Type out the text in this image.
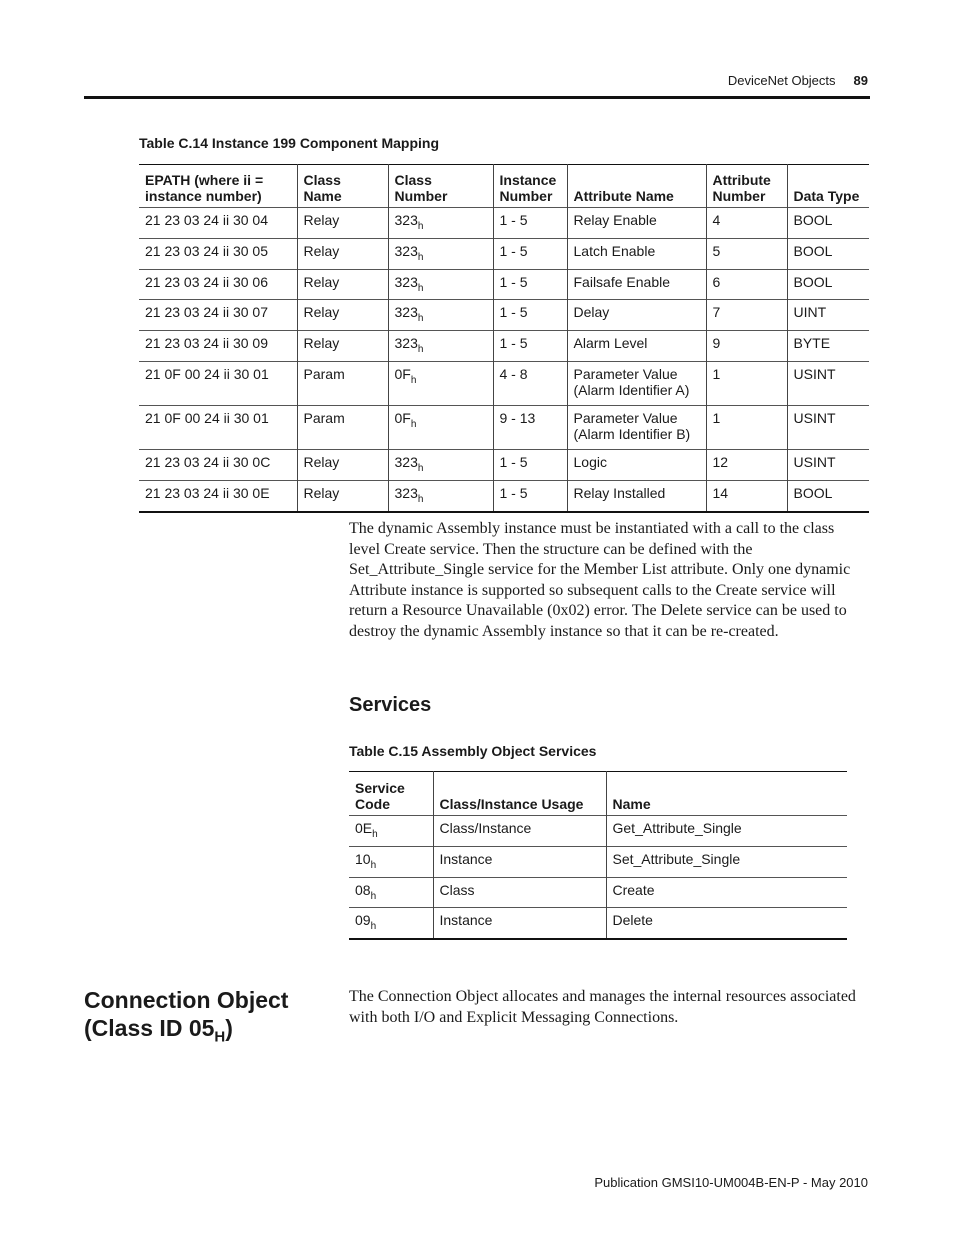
DeviceNet Objects 89
Table C.14 Instance 199 Component Mapping
EPATH (where ii = instance number)	Class Name	Class Number	Instance Number	Attribute Name	Attribute Number	Data Type
21 23 03 24 ii 30 04	Relay	$323_h$	1 - 5	Relay Enable	4	BOOL
21 23 03 24 ii 30 05	Relay	$323_h$	1 - 5	Latch Enable	5	BOOL
21 23 03 24 ii 30 06	Relay	$323_h$	1 - 5	Failsafe Enable	6	BOOL
21 23 03 24 ii 30 07	Relay	$323_h$	1 - 5	Delay	7	UINT
21 23 03 24 ii 30 09	Relay	$323_h$	1 - 5	Alarm Level	9	BYTE
21 0F 00 24 ii 30 01	Param	$0F_h$	4 - 8	Parameter Value (Alarm Identifier A)	1	USINT
21 0F 00 24 ii 30 01	Param	$0F_h$	9 - 13	Parameter Value (Alarm Identifier B)	1	USINT
21 23 03 24 ii 30 0C	Relay	$323_h$	1 - 5	Logic	12	USINT
21 23 03 24 ii 30 0E	Relay	$323_h$	1 - 5	Relay Installed	14	BOOL

The dynamic Assembly instance must be instantiated with a call to the class level Create service. Then the structure can be defined with the Set_Attribute_Single service for the Member List attribute. Only one dynamic Attribute instance is supported so subsequent calls to the Create service will return a Resource Unavailable (0x02) error. The Delete service can be used to destroy the dynamic Assembly instance so that it can be re-created.

Services
Table C.15 Assembly Object Services
Service Code	Class/Instance Usage	Name
$0E_h$	Class/Instance	Get_Attribute_Single
$10_h$	Instance	Set_Attribute_Single
$08_h$	Class	Create
$09_h$	Instance	Delete
Connection Object
(Class ID $05_H$)

The Connection Object allocates and manages the internal resources associated with both I/O and Explicit Messaging Connections.

Publication GMSI10-UM004B-EN-P - May 2010
